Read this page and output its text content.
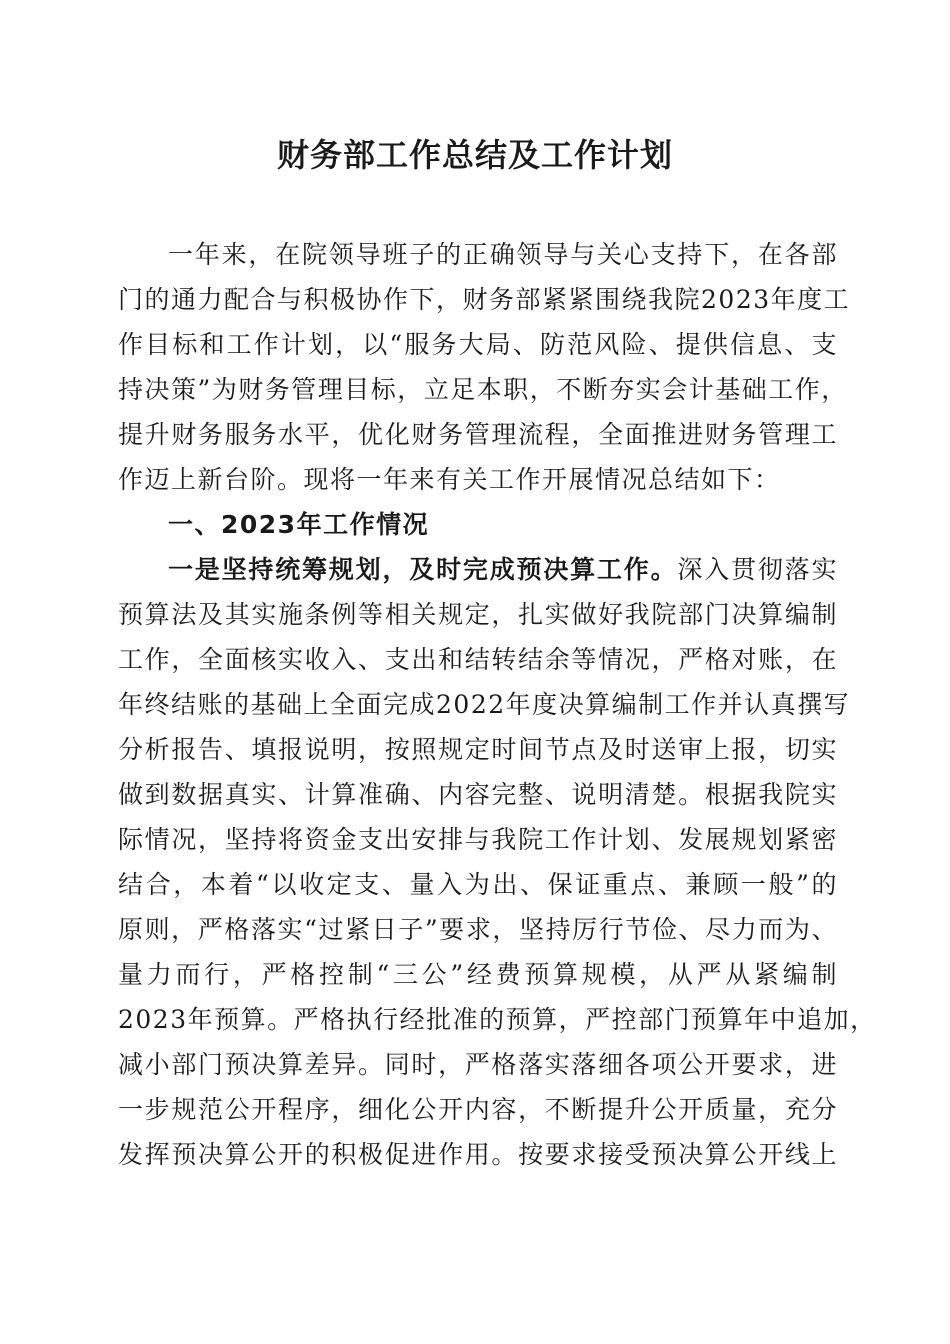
财务部工作总结及工作计划
一年来，在院领导班子的正确领导与关心支持下，在各部
门的通力配合与积极协作下，财务部紧紧围绕我院2023年度工
作目标和工作计划，以“服务大局、防范风险、提供信息、支
持决策”为财务管理目标，立足本职，不断夯实会计基础工作，
提升财务服务水平，优化财务管理流程，全面推进财务管理工
作迈上新台阶。现将一年来有关工作开展情况总结如下：
一、2023年工作情况
一是坚持统筹规划，及时完成预决算工作。深入贯彻落实
预算法及其实施条例等相关规定，扎实做好我院部门决算编制
工作，全面核实收入、支出和结转结余等情况，严格对账，在
年终结账的基础上全面完成2022年度决算编制工作并认真撰写
分析报告、填报说明，按照规定时间节点及时送审上报，切实
做到数据真实、计算准确、内容完整、说明清楚。根据我院实
际情况，坚持将资金支出安排与我院工作计划、发展规划紧密
结合，本着“以收定支、量入为出、保证重点、兼顾一般”的
原则，严格落实“过紧日子”要求，坚持厉行节俭、尽力而为、
量力而行，严格控制“三公”经费预算规模，从严从紧编制
2023年预算。严格执行经批准的预算，严控部门预算年中追加，
减小部门预决算差异。同时，严格落实落细各项公开要求，进
一步规范公开程序，细化公开内容，不断提升公开质量，充分
发挥预决算公开的积极促进作用。按要求接受预决算公开线上
